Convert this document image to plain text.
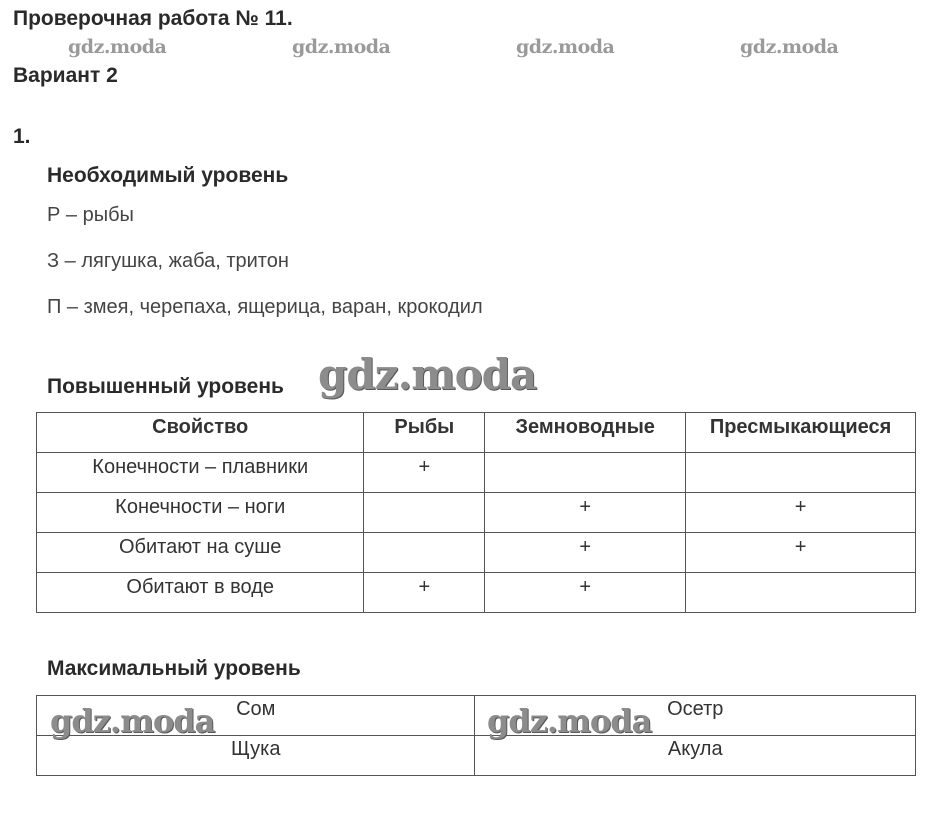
Проверочная работа № 11.
gdz.moda	gdz.moda	gdz.moda	gdz.moda
Вариант 2
1.
Необходимый уровень
Р – рыбы
З – лягушка, жаба, тритон
П – змея, черепаха, ящерица, варан, крокодил
Повышенный уровень gdz.moda
Свойство	Рыбы	Земноводные	Пресмыкающиеся
Конечности – плавники	+		
Конечности – ноги		+	+
Обитают на суше		+	+
Обитают в воде	+	+	
Максимальный уровень
Сом	Осетр
Щука	Акула
gdz.moda	gdz.moda
